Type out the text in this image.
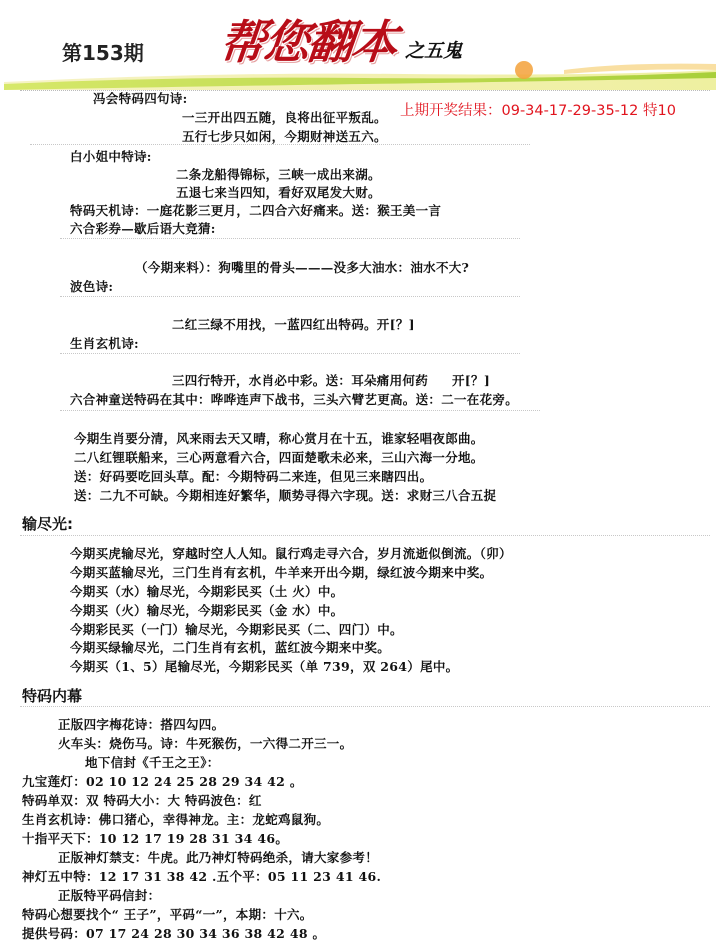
第153期 帮您翻本 之五鬼
上期开奖结果：09-34-17-29-35-12 特10
冯会特码四句诗:
一三开出四五随，良将出征平叛乱。
五行七步只如闲，今期财神送五六。
白小姐中特诗:
二条龙船得锦标，三峡一成出来湖。
五退七来当四知，看好双尾发大财。
特码天机诗：一庭花影三更月，二四合六好痛来。送：猴王美一言
六合彩券—歇后语大竞猜:
（今期来料）：狗嘴里的骨头———没多大油水：油水不大?
波色诗:
二红三绿不用找，一蓝四红出特码。开[？]
生肖玄机诗:
三四行特开，水肖必中彩。送：耳朵痛用何药 开[？]
六合神童送特码在其中：哗哗连声下战书，三头六臂艺更高。送：二一在花旁。
今期生肖要分清，风来雨去天又晴，称心赏月在十五，谁家轻唱夜郎曲。
二八红锂联船来，三心两意看六合，四面楚歌未必来，三山六海一分地。
送：好码要吃回头草。配：今期特码二来连，但见三来瞎四出。
送：二九不可缺。今期相连好繁华，顺势寻得六字现。送：求财三八合五捉
输尽光:
今期买虎输尽光，穿越时空人人知。鼠行鸡走寻六合，岁月流逝似倒流。（卯）
今期买蓝输尽光，三门生肖有玄机，牛羊来开出今期，绿红波今期来中奖。
今期买（水）输尽光，今期彩民买（土 火）中。
今期买（火）输尽光，今期彩民买（金 水）中。
今期彩民买（一门）输尽光，今期彩民买（二、四门）中。
今期买绿输尽光，二门生肖有玄机，蓝红波今期来中奖。
今期买（1、5）尾输尽光，今期彩民买（单 739，双 264）尾中。
特码内幕
正版四字梅花诗：搭四勾四。
火车头：烧伤马。诗：牛死猴伤，一六得二开三一。
地下信封《千王之王》：
九宝莲灯：02 10 12 24 25 28 29 34 42 。
特码单双：双 特码大小：大 特码波色：红
生肖玄机诗：佛口猪心，幸得神龙。主：龙蛇鸡鼠狗。
十指平天下：10 12 17 19 28 31 34 46。
正版神灯禁支：牛虎。此乃神灯特码绝杀，请大家参考！
神灯五中特：12 17 31 38 42 .五个平：05 11 23 41 46.
正版特平码信封：
特码心想要找个“ 王子”，平码“一”，本期：十六。
提供号码：07 17 24 28 30 34 36 38 42 48 。
